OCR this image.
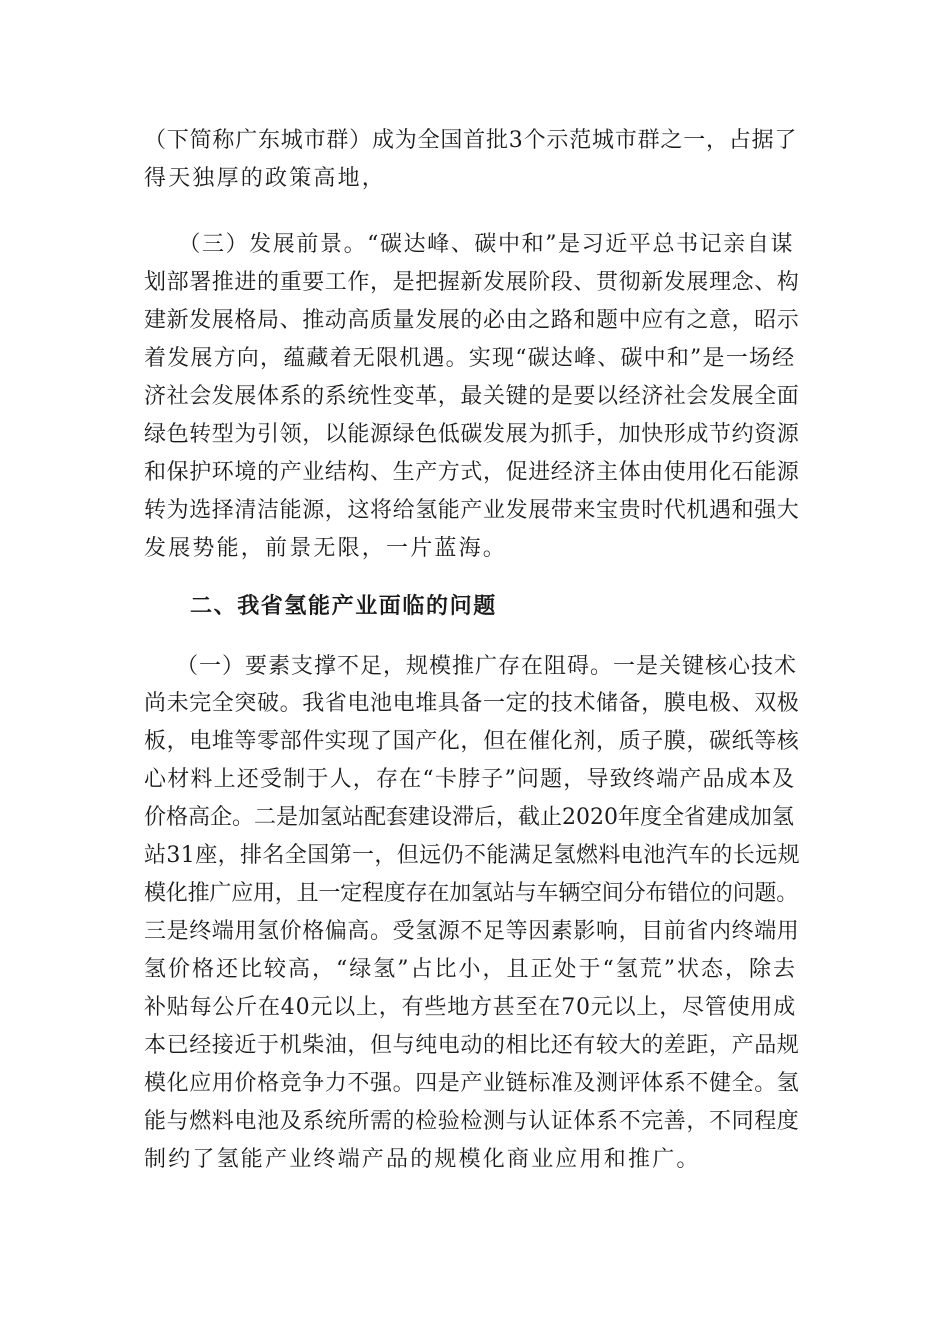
（下简称广东城市群）成为全国首批3个示范城市群之一，占据了
得天独厚的政策高地，
（三）发展前景。“碳达峰、碳中和”是习近平总书记亲自谋
划部署推进的重要工作，是把握新发展阶段、贯彻新发展理念、构
建新发展格局、推动高质量发展的必由之路和题中应有之意，昭示
着发展方向，蕴藏着无限机遇。实现“碳达峰、碳中和”是一场经
济社会发展体系的系统性变革，最关键的是要以经济社会发展全面
绿色转型为引领，以能源绿色低碳发展为抓手，加快形成节约资源
和保护环境的产业结构、生产方式，促进经济主体由使用化石能源
转为选择清洁能源，这将给氢能产业发展带来宝贵时代机遇和强大
发展势能，前景无限，一片蓝海。
二、我省氢能产业面临的问题
（一）要素支撑不足，规模推广存在阻碍。一是关键核心技术
尚未完全突破。我省电池电堆具备一定的技术储备，膜电极、双极
板，电堆等零部件实现了国产化，但在催化剂，质子膜，碳纸等核
心材料上还受制于人，存在“卡脖子”问题，导致终端产品成本及
价格高企。二是加氢站配套建设滞后，截止2020年度全省建成加氢
站31座，排名全国第一，但远仍不能满足氢燃料电池汽车的长远规
模化推广应用，且一定程度存在加氢站与车辆空间分布错位的问题。
三是终端用氢价格偏高。受氢源不足等因素影响，目前省内终端用
氢价格还比较高，“绿氢”占比小，且正处于“氢荒”状态，除去
补贴每公斤在40元以上，有些地方甚至在70元以上，尽管使用成
本已经接近于机柴油，但与纯电动的相比还有较大的差距，产品规
模化应用价格竞争力不强。四是产业链标准及测评体系不健全。氢
能与燃料电池及系统所需的检验检测与认证体系不完善，不同程度
制约了氢能产业终端产品的规模化商业应用和推广。
